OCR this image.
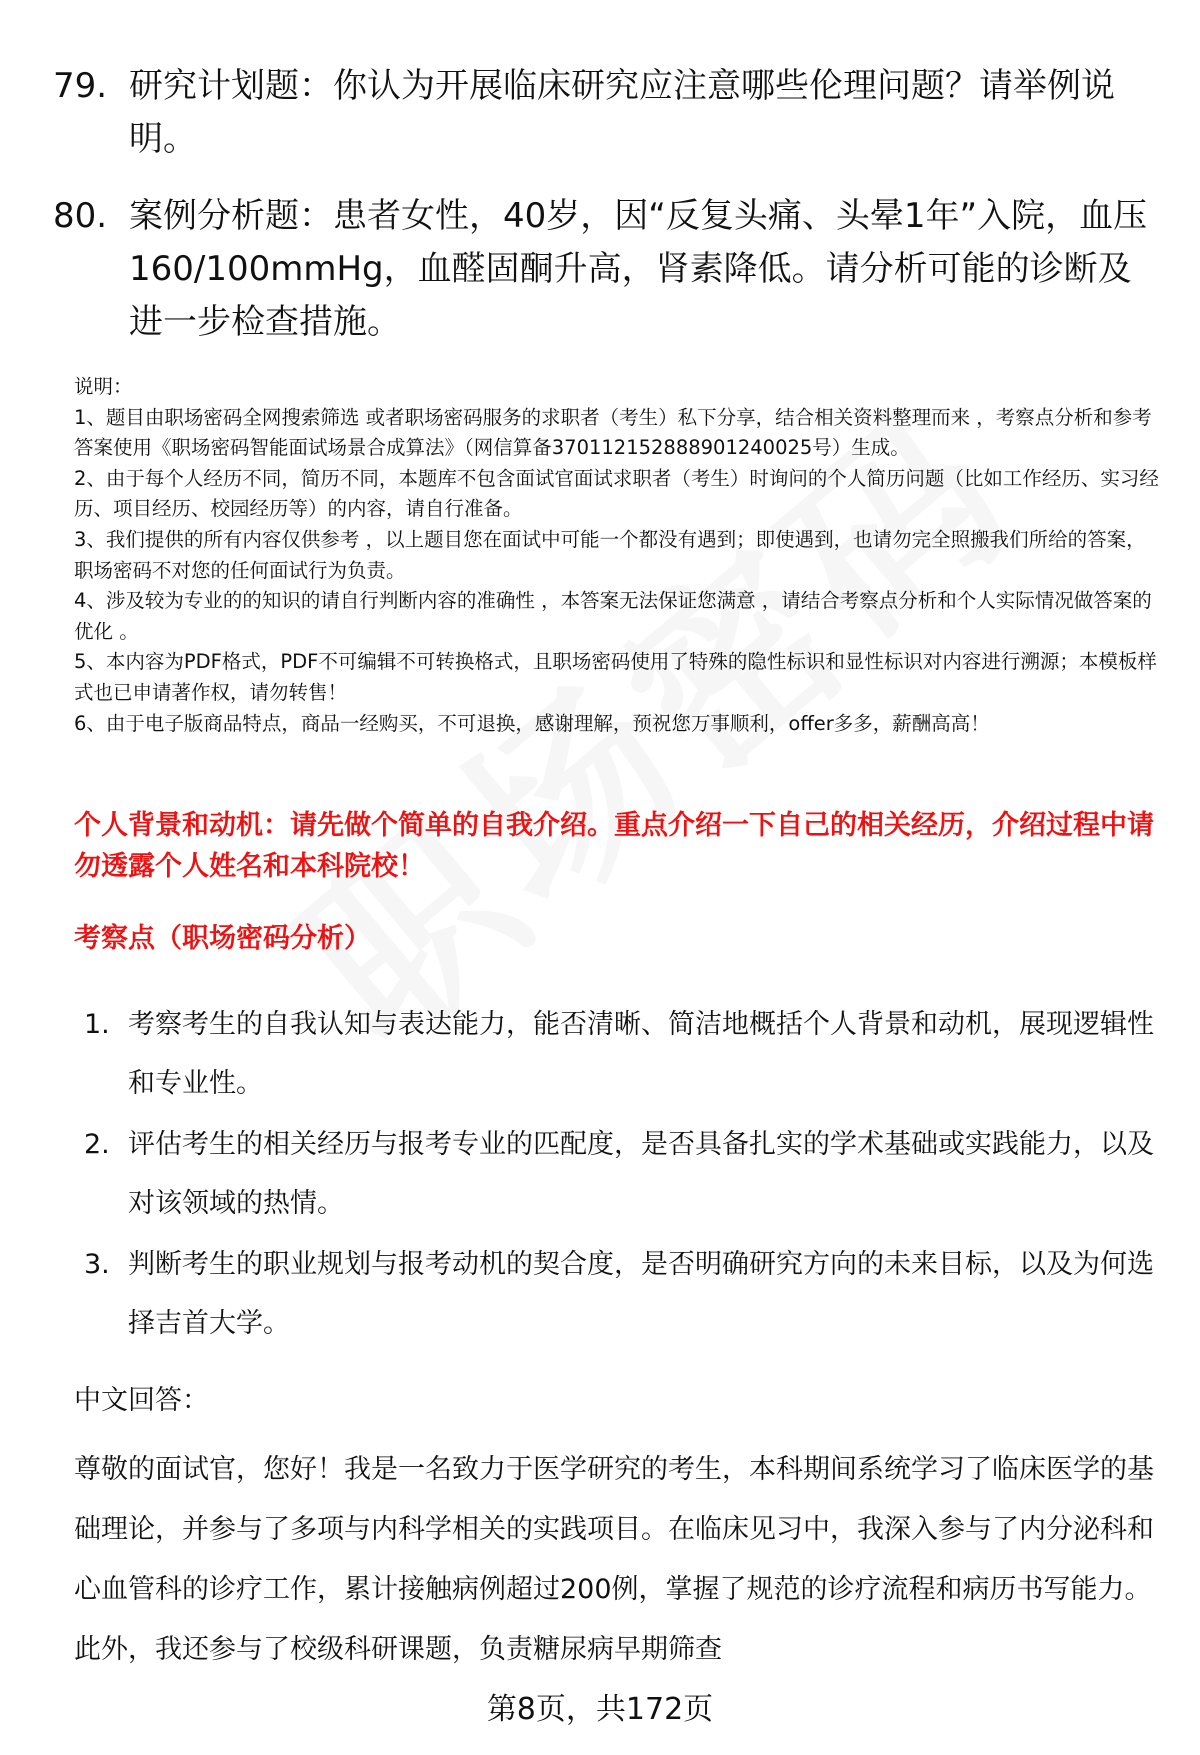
79. 研究计划题：你认为开展临床研究应注意哪些伦理问题？请举例说明。
80. 案例分析题：患者女性，40岁，因“反复头痛、头晕1年”入院，血压160/100mmHg，血醛固酮升高，肾素降低。请分析可能的诊断及进一步检查措施。
说明：
1、题目由职场密码全网搜索筛选 或者职场密码服务的求职者（考生）私下分享，结合相关资料整理而来 ，考察点分析和参考答案使用《职场密码智能面试场景合成算法》（网信算备370112152888901240025号）生成。
2、由于每个人经历不同，简历不同，本题库不包含面试官面试求职者（考生）时询问的个人简历问题（比如工作经历、实习经历、项目经历、校园经历等）的内容，请自行准备。
3、我们提供的所有内容仅供参考 ，以上题目您在面试中可能一个都没有遇到；即使遇到，也请勿完全照搬我们所给的答案，职场密码不对您的任何面试行为负责。
4、涉及较为专业的的知识的请自行判断内容的准确性 ，本答案无法保证您满意 ，请结合考察点分析和个人实际情况做答案的优化 。
5、本内容为PDF格式，PDF不可编辑不可转换格式，且职场密码使用了特殊的隐性标识和显性标识对内容进行溯源；本模板样式也已申请著作权，请勿转售！
6、由于电子版商品特点，商品一经购买，不可退换，感谢理解，预祝您万事顺利，offer多多，薪酬高高！
个人背景和动机：请先做个简单的自我介绍。重点介绍一下自己的相关经历，介绍过程中请勿透露个人姓名和本科院校！
考察点（职场密码分析）
1. 考察考生的自我认知与表达能力，能否清晰、简洁地概括个人背景和动机，展现逻辑性和专业性。
2. 评估考生的相关经历与报考专业的匹配度，是否具备扎实的学术基础或实践能力，以及对该领域的热情。
3. 判断考生的职业规划与报考动机的契合度，是否明确研究方向的未来目标，以及为何选择吉首大学。
中文回答：
尊敬的面试官，您好！我是一名致力于医学研究的考生，本科期间系统学习了临床医学的基础理论，并参与了多项与内科学相关的实践项目。在临床见习中，我深入参与了内分泌科和心血管科的诊疗工作，累计接触病例超过200例，掌握了规范的诊疗流程和病历书写能力。此外，我还参与了校级科研课题，负责糖尿病早期筛查
第8页，共172页
